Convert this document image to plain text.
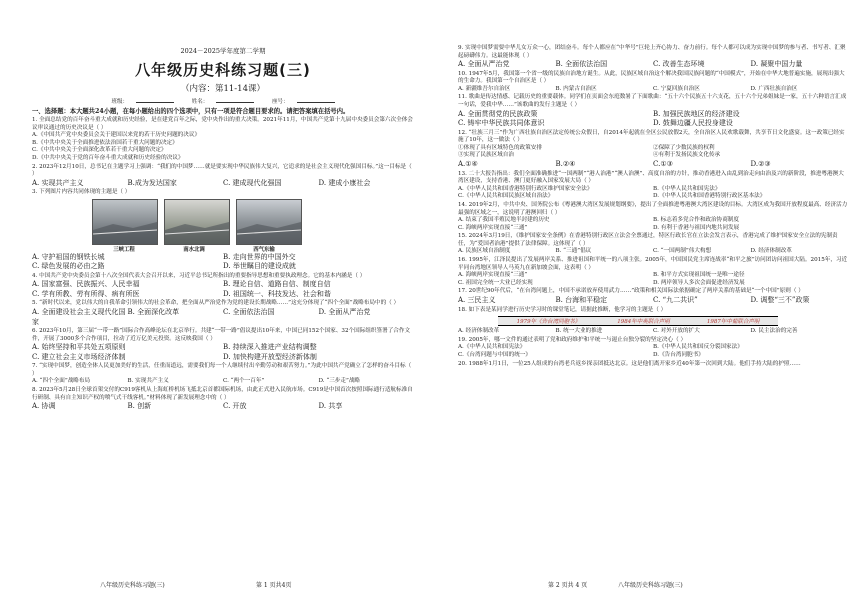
2024－2025学年度第二学期
八年级历史科练习题(三)
（内容：第11-14课）
班级：	姓名：	座号：
一、选择题：本大题共24小题，在每小题给出的四个选项中，只有一项是符合题目要求的。请把答案填在括号内。
1. 全面总结党的百年奋斗重大成就和历史经验，是在建党百年之际，党中央作出的重大决策。2021年11月，中国共产党第十九届中央委员会第六次全体会议审议通过的历史决议是（ ）
A.《中国共产党中央委员会关于建国以来党的若干历史问题的决议》
B.《中共中央关于全面推进依法治国若干重大问题的决定》
C.《中共中央关于全面深化改革若干重大问题的决定》
D.《中共中央关于党的百年奋斗重大成就和历史经验的决议》
2. 2023年12月10日，总书记在主题学习上强调：“我们的中国梦……就是要实现中华民族伟大复兴，它追求的是社会主义现代化强国目标。”这一目标是（ ）
A. 实现共产主义	B.成为发达国家	C. 建成现代化强国	D. 建成小康社会
3. 下列图片内容共同体现的主题是（ ）
三峡工程	南水北调	西气东输
A. 守护祖国的钢铁长城	B. 走向世界的中国外交
C. 绿色发展的必由之路	D. 举世瞩目的建设成就
4. 中国共产党中央委员会第十八次全国代表大会召开以来，习近平总书记所指出的重要指导思想和重要执政理念。它的基本内涵是（ ）
A. 国家富强、民族振兴、人民幸福	B. 理论自信、道路自信、制度自信
C. 学有所教、劳有所得、病有所医	D. 祖国统一、科技发达、社会和谐
5. “新时代以来，党以伟大的自我革命引领伟大的社会革命，把全面从严治党作为党的建设长期战略……”这充分体现了“四个全面”战略布局中的（ ）
A. 全面建设社会主义现代化国家
B. 全面深化改革	C. 全面依法治国	D. 全面从严治党
6. 2023年10月，第三届“一带一路”国际合作高峰论坛在北京举行。共建“一带一路”倡议提出10年来，中国已同152个国家、32个国际组织签署了合作文件，开展了3000多个合作项目，拉动了近万亿美元投资。这反映我国（ ）
A. 始终坚持和平共处五项原则	B. 持续深入推进产业结构调整
C. 建立社会主义市场经济体制	D. 加快构建开放型经济新体制
7. “实现中国梦，创造全体人民更加美好的生活，任重而道远，需要我们每一个人继续付出辛勤劳动和艰苦努力。”为此中国共产党确立了怎样的奋斗目标（ ）
A. “四个全面”战略布局	B. 实现共产主义	C. “两个一百年”	D. “三步走”战略
8. 2023年5月28日全球首架交付的C919客机从上海虹桥机场飞抵北京首都国际机场，由此正式进入民航市场。C919是中国首次按照国际通行适航标准自行研制、具有自主知识产权的喷气式干线客机。”材料体现了新发展理念中的（ ）
A. 协调	B. 创新	C. 开放	D. 共享
八年级历史科练习题(三)	第 1 页共4页
9. 实现中国梦需要中华儿女万众一心，团结奋斗。每个人都应在“中华号”巨轮上齐心协力、奋力前行。每个人都可以成为实现中国梦的参与者、书写者、汇聚起磅礴伟力。这最能体现（ ）
A. 全面从严治党	B. 全面依法治国	C. 改善生态环境	D. 凝聚中国力量
10. 1947年5月，我国第一个省一级的民族自治地方诞生。从此，民族区域自治这个解决我国民族问题的“中国模式”，开始在中华大地普遍实施，展现出强大的生命力。我国第一个自治区是（ ）
A. 新疆维吾尔自治区	B. 内蒙古自治区	C. 宁夏回族自治区	D. 广西壮族自治区
11. 歌曲是传达情感、记载历史的重要载体。同学们在页面会东庭数暑了下面歌曲：“五十六个民族五十六支花，五十六个兄弟姐妹是一家，五十六种语言汇成一句话，爱我中华……”该歌曲的发行主题是（ ）
A. 全面贯彻党的民族政策	B. 加强民族地区的经济建设
C. 铸牢中华民族共同体意识	D. 鼓舞边疆人民投身建设
12. “壮族三月三”作为广西壮族自治区法定传统公众假日，自2014年起就在全区公民放假2天，全自治区人民欢歌载舞，共享节日文化盛宴。这一政策已经实施了10年，这一做法（ ）
①体现了具有区域特色的政策安排	②保障了少数民族的权利
③实现了民族区域自治	④有利于发扬民族文化传承
A.①④	B.②④	C.①③	D.②③
13. 二十大报告指出：我们全面准确推进“一国两制”“港人治港”“澳人治澳”、高度自治的方针，推动香港进入由乱到治走向由治及兴的新阶段，推进粤港澳大湾区建设，支持香港、澳门更好融入国家发展大局（ ）
A.《中华人民共和国香港特别行政区维护国家安全法》	B.《中华人民共和国宪法》
C.《中华人民共和国民族区域自治法》	D.《中华人民共和国香港特别行政区基本法》
14. 2019年2月，中共中央、国务院公布《粤港澳大湾区发展规划纲要》，提出了全面推进粤港澳大湾区建设的目标。大湾区成为我国开放程度最高、经济活力最强的区域之一，这说明了港澳回归（ ）
A. 结束了我国半殖民地半封建的历史	B. 标志着多党合作和政治协商制度
C. 海峡两岸实现直接“三通”	D. 有利于香港与祖国内地共同发展
15. 2024年3月19日，《维护国家安全条例》在香港特别行政区立法会全票通过，特区行政长官在立法会发言表示，香港完成了维护国家安全立法的宪制责任，为“爱国者治港”提供了法律保障。这体现了（ ）
A. 民族区域自治制度	B. “三通”倡议	C. “一国两制”伟大构想	D. 经济体制改革
16. 1995年，江泽民提出了发展两岸关系、推进祖国和平统一的八项主张。2005年，中国国民党主席连战率“和平之旅”访问团访问祖国大陆。2015年，习近平同台湾地区领导人马英九在新加坡会面，这表明（ ）
A. 海峡两岸实现直接“三通”	B. 和平方式实现祖国统一是唯一途径
C. 祖国完全统一大业已经实现	D. 两岸领导人多次会面促进经济发展
17. 20世纪90年代后，“在台湾问题上，中国不承诺放弃使用武力……”政策和相关国际法依据确定了两岸关系的基础是“一个中国”原则（ ）
A. 三民主义	B. 台海和平稳定	C. “九二共识”	D. 调整“三不”政策
18. 如下表是某同学进行历史学习时的课堂笔记，请据此推断，他学习的主题是（ ）
1979年《告台湾同胞书》	1984年中英联合声明	1987年中葡联合声明
A. 经济体制改革	B. 统一大业的推进	C. 对外开放的扩大	D. 民主法治的完善
19. 2005年，哪一文件的通过表明了党和政府维护和平统一与遏止台独分裂的坚定决心（ ）
A.《中华人民共和国宪法》	B.《中华人民共和国反分裂国家法》
C.《台湾问题与中国的统一》	D.《告台湾同胞书》
20. 1988年1月1日，一位25人组成的台湾老兵返乡探亲团抵达北京。这是他们离开家乡近40年第一次回到大陆。他们手持大陆的护照……
第 2 页共 4 页	八年级历史科练习题(三)
